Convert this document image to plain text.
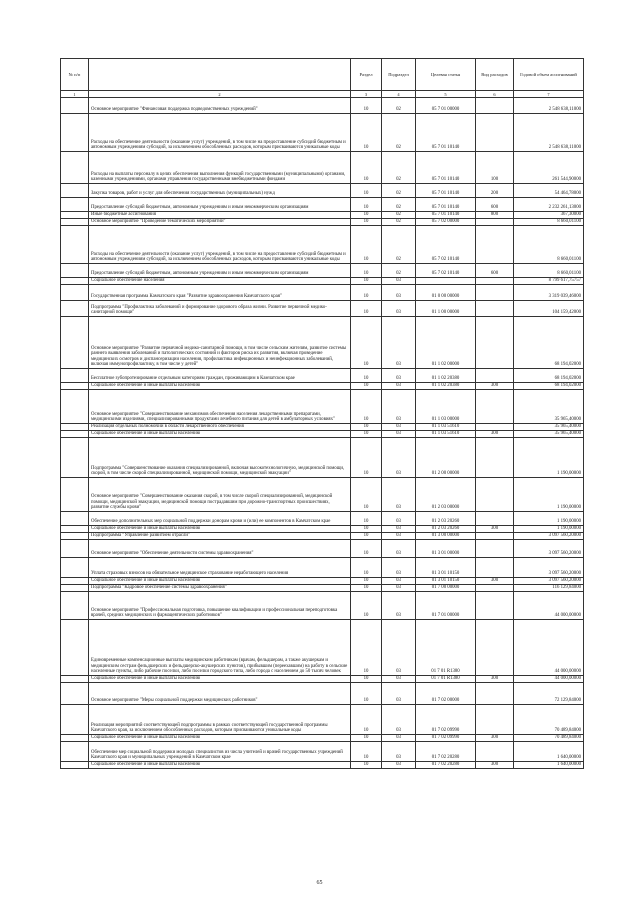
№ п/п		Раздел	Подраздел	Целевая статья	Вид расходов	Годовой объем ассигнований
1	2	3	4	5	6	7
	Основное мероприятие "Финансовая поддержка подведомственных учреждений"	10	02	05 7 01 00000		2 548 638,11000
	Расходы на обеспечение деятельности (оказание услуг) учреждений, в том числе на предоставление субсидий бюджетным и автономным учреждениям субсидий, за исключением обособленных расходов, которым присваиваются уникальные коды	10	02	05 7 01 10140		2 548 638,11000
	Расходы на выплаты персоналу в целях обеспечения выполнения функций государственными (муниципальными) органами, казенными учреждениями, органами управления государственными внебюджетными фондами	10	02	05 7 01 10140	100	261 544,90000
	Закупка товаров, работ и услуг для обеспечения государственных (муниципальных) нужд	10	02	05 7 01 10140	200	54 464,78000
	Предоставление субсидий бюджетным, автономным учреждениям и иным некоммерческим организациям	10	02	05 7 01 10140	600	2 232 261,13000
	Иные бюджетные ассигнования	10	02	05 7 01 10140	800	367,30000
	Основное мероприятие "Проведение тематических мероприятий"	10	02	05 7 02 00000		8 660,01100
	Расходы на обеспечение деятельности (оказание услуг) учреждений, в том числе на предоставление субсидий бюджетным и автономным учреждениям субсидий, за исключением обособленных расходов, которым присваиваются уникальные коды	10	02	05 7 02 10140		8 660,01100
	Предоставление субсидий бюджетным, автономным учреждениям и иным некоммерческим организациям	10	02	05 7 02 10140	600	8 660,01100
	Социальное обеспечение населения	10	03			8 799 617,75757
	Государственная программа Камчатского края "Развитие здравоохранения Камчатского края"	10	03	01 0 00 00000		3 319 039,46000
	Подпрограмма "Профилактика заболеваний и формирование здорового образа жизни. Развитие первичной медико-санитарной помощи"	10	03	01 1 00 00000		104 159,42000
	Основное мероприятие "Развитие первичной медико-санитарной помощи, в том числе сельским жителям, развитие системы раннего выявления заболеваний и патологических состояний и факторов риска их развития, включая проведение медицинских осмотров и диспансеризации населения, профилактика инфекционных и неинфекционных заболеваний, включая иммунопрофилактику, в том числе у детей"	10	03	01 1 02 00000		68 194,02000
	Бесплатное зубопротезирование отдельным категориям граждан, проживающим в Камчатском крае	10	03	01 1 02 20380		68 194,02000
	Социальное обеспечение и иные выплаты населению	10	03	01 1 02 20380	300	68 194,02000
	Основное мероприятие "Совершенствование механизмов обеспечения населения лекарственными препаратами, медицинскими изделиями, специализированными продуктами лечебного питания для детей в амбулаторных условиях"	10	03	01 1 03 00000		35 965,40000
	Реализация отдельных полномочий в области лекарственного обеспечения	10	03	01 1 03 51610		35 965,40000
	Социальное обеспечение и иные выплаты населению	10	03	01 1 03 51610	300	35 965,40000
	Подпрограмма "Совершенствование оказания специализированной, включая высокотехнологичную, медицинской помощи, скорой, в том числе скорой специализированной, медицинской помощи, медицинской эвакуации"	10	03	01 2 00 00000		1 190,00000
	Основное мероприятие "Совершенствование оказания скорой, в том числе скорой специализированной, медицинской помощи, медицинской эвакуации, медицинской помощи пострадавшим при дорожно-транспортных происшествиях, развитие службы крови"	10	03	01 2 03 00000		1 190,00000
	Обеспечение дополнительных мер социальной поддержки донорам крови и (или) ее компонентов в Камчатском крае	10	03	01 2 03 20260		1 190,00000
	Социальное обеспечение и иные выплаты населению	10	03	01 2 03 20260	300	1 190,00000
	Подпрограмма "Управление развитием отрасли"	10	03	01 3 00 00000		3 097 560,20000
	Основное мероприятие "Обеспечение деятельности системы здравоохранения"	10	03	01 3 01 00000		3 097 560,20000
	Уплата страховых взносов на обязательное медицинское страхование неработающего населения	10	03	01 3 01 10150		3 097 560,20000
	Социальное обеспечение и иные выплаты населению	10	03	01 3 01 10150	300	3 097 560,20000
	Подпрограмма "Кадровое обеспечение системы здравоохранения"	10	03	01 7 00 00000		116 129,84000
	Основное мероприятие "Профессиональная подготовка, повышение квалификации и профессиональная переподготовка врачей, средних медицинских и фармацевтических работников"	10	03	01 7 01 00000		44 000,00000
	Единовременные компенсационные выплаты медицинским работникам (врачам, фельдшерам, а также акушеркам и медицинским сестрам фельдшерских и фельдшерско-акушерских пунктов), прибывшим (переехавшим) на работу в сельские населенные пункты, либо рабочие поселки, либо поселки городского типа, либо города с населением до 50 тысяч человек	10	03	01 7 01 R1380		44 000,00000
	Социальное обеспечение и иные выплаты населению	10	03	01 7 01 R1380	300	44 000,00000
	Основное мероприятие "Меры социальной поддержки медицинских работников"	10	03	01 7 02 00000		72 129,84000
	Реализация мероприятий соответствующей подпрограммы в рамках соответствующей государственной программы Камчатского края, за исключением обособленных расходов, которым присваиваются уникальные коды	10	03	01 7 02 09990		70 489,84000
	Социальное обеспечение и иные выплаты населению	10	03	01 7 02 09990	300	70 489,84000
	Обеспечение мер социальной поддержки молодых специалистов из числа учителей и врачей государственных учреждений Камчатского края и муниципальных учреждений в Камчатском крае	10	03	01 7 02 20280		1 640,00000
	Социальное обеспечение и иные выплаты населению	10	03	01 7 02 20280	300	1 640,00000
65
